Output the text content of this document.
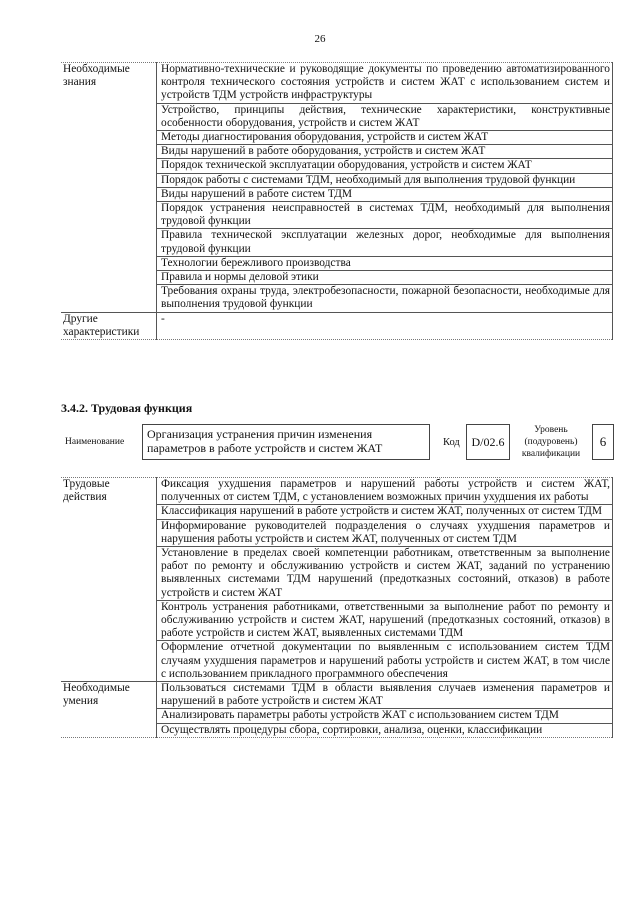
26
Необходимые знания	Нормативно-технические и руководящие документы по проведению автоматизированного контроля технического состояния устройств и систем ЖАТ с использованием систем и устройств ТДМ устройств инфраструктуры
	Устройство, принципы действия, технические характеристики, конструктивные особенности оборудования, устройств и систем ЖАТ
	Методы диагностирования оборудования, устройств и систем ЖАТ
	Виды нарушений в работе оборудования, устройств и систем ЖАТ
	Порядок технической эксплуатации оборудования, устройств и систем ЖАТ
	Порядок работы с системами ТДМ, необходимый для выполнения трудовой функции
	Виды нарушений в работе систем ТДМ
	Порядок устранения неисправностей в системах ТДМ, необходимый для выполнения трудовой функции
	Правила технической эксплуатации железных дорог, необходимые для выполнения трудовой функции
	Технологии бережливого производства
	Правила и нормы деловой этики
	Требования охраны труда, электробезопасности, пожарной безопасности, необходимые для выполнения трудовой функции
Другие характеристики	-
3.4.2. Трудовая функция
Наименование
Организация устранения причин изменения параметров в работе устройств и систем ЖАТ	Код D/02.6
Уровень (подуровень) квалификации
6
Трудовые действия	Фиксация ухудшения параметров и нарушений работы устройств и систем ЖАТ, полученных от систем ТДМ, с установлением возможных причин ухудшения их работы
	Классификация нарушений в работе устройств и систем ЖАТ, полученных от систем ТДМ
	Информирование руководителей подразделения о случаях ухудшения параметров и нарушения работы устройств и систем ЖАТ, полученных от систем ТДМ
	Установление в пределах своей компетенции работникам, ответственным за выполнение работ по ремонту и обслуживанию устройств и систем ЖАТ, заданий по устранению выявленных системами ТДМ нарушений (предотказных состояний, отказов) в работе устройств и систем ЖАТ
	Контроль устранения работниками, ответственными за выполнение работ по ремонту и обслуживанию устройств и систем ЖАТ, нарушений (предотказных состояний, отказов) в работе устройств и систем ЖАТ, выявленных системами ТДМ
	Оформление отчетной документации по выявленным с использованием систем ТДМ случаям ухудшения параметров и нарушений работы устройств и систем ЖАТ, в том числе с использованием прикладного программного обеспечения
Необходимые умения	Пользоваться системами ТДМ в области выявления случаев изменения параметров и нарушений в работе устройств и систем ЖАТ
	Анализировать параметры работы устройств ЖАТ с использованием систем ТДМ
	Осуществлять процедуры сбора, сортировки, анализа, оценки, классификации
